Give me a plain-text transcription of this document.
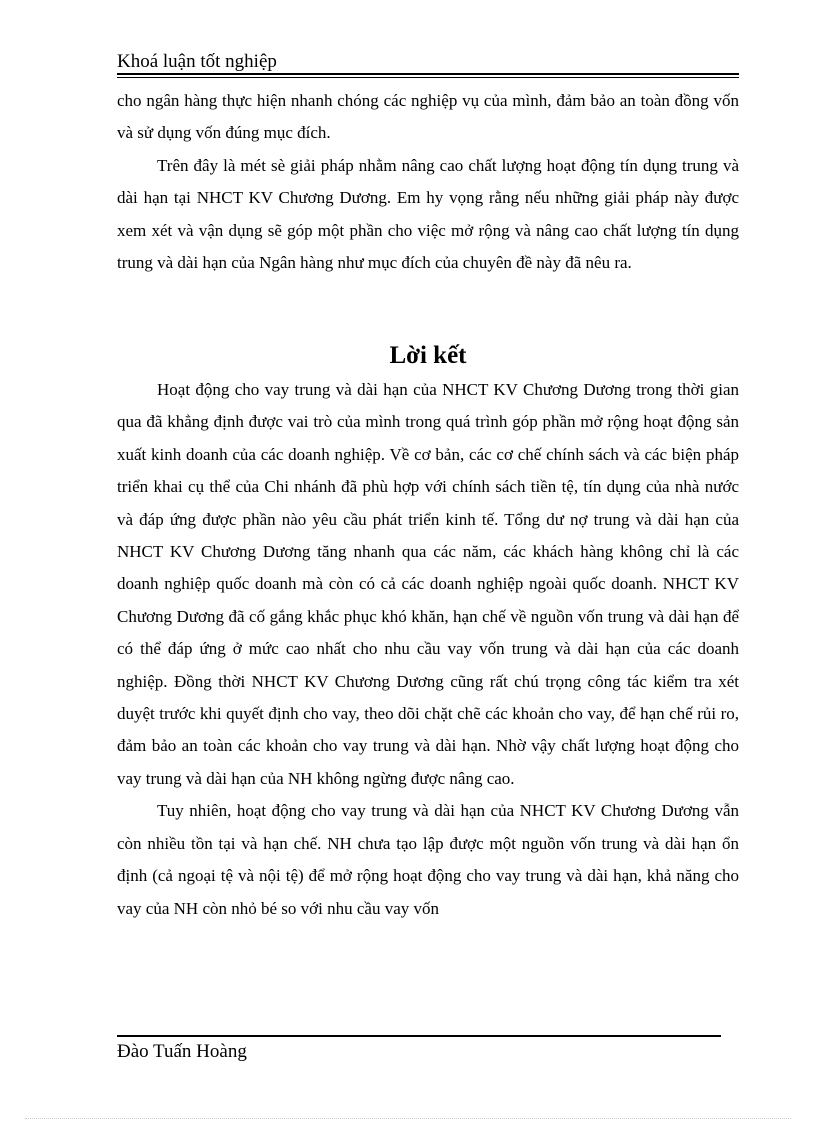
Khoá luận tốt nghiệp

cho ngân hàng thực hiện nhanh chóng các nghiệp vụ của mình, đảm bảo an toàn đồng vốn và sử dụng vốn đúng mục đích.

Trên đây là mét sè giải pháp nhằm nâng cao chất lượng hoạt động tín dụng trung và dài hạn tại NHCT KV Chương Dương. Em hy vọng rằng nếu những giải pháp này được xem xét và vận dụng sẽ góp một phần cho việc mở rộng và nâng cao chất lượng tín dụng trung và dài hạn của Ngân hàng như mục đích của chuyên đề này đã nêu ra.

Lời kết

Hoạt động cho vay trung và dài hạn của NHCT KV Chương Dương trong thời gian qua đã khẳng định được vai trò của mình trong quá trình góp phần mở rộng hoạt động sản xuất kinh doanh của các doanh nghiệp. Về cơ bản, các cơ chế chính sách và các biện pháp triển khai cụ thể của Chi nhánh đã phù hợp với chính sách tiền tệ, tín dụng của nhà nước và đáp ứng được phần nào yêu cầu phát triển kinh tế. Tổng dư nợ trung và dài hạn của NHCT KV Chương Dương tăng nhanh qua các năm, các khách hàng không chỉ là các doanh nghiệp quốc doanh mà còn có cả các doanh nghiệp ngoài quốc doanh. NHCT KV Chương Dương đã cố gắng khắc phục khó khăn, hạn chế về nguồn vốn trung và dài hạn để có thể đáp ứng ở mức cao nhất cho nhu cầu vay vốn trung và dài hạn của các doanh nghiệp. Đồng thời NHCT KV Chương Dương cũng rất chú trọng công tác kiểm tra xét duyệt trước khi quyết định cho vay, theo dõi chặt chẽ các khoản cho vay, để hạn chế rủi ro, đảm bảo an toàn các khoản cho vay trung và dài hạn. Nhờ vậy chất lượng hoạt động cho vay trung và dài hạn của NH không ngừng được nâng cao.

Tuy nhiên, hoạt động cho vay trung và dài hạn của NHCT KV Chương Dương vẫn còn nhiều tồn tại và hạn chế. NH chưa tạo lập được một nguồn vốn trung và dài hạn ổn định (cả ngoại tệ và nội tệ) để mở rộng hoạt động cho vay trung và dài hạn, khả năng cho vay của NH còn nhỏ bé so với nhu cầu vay vốn

Đào Tuấn Hoàng
